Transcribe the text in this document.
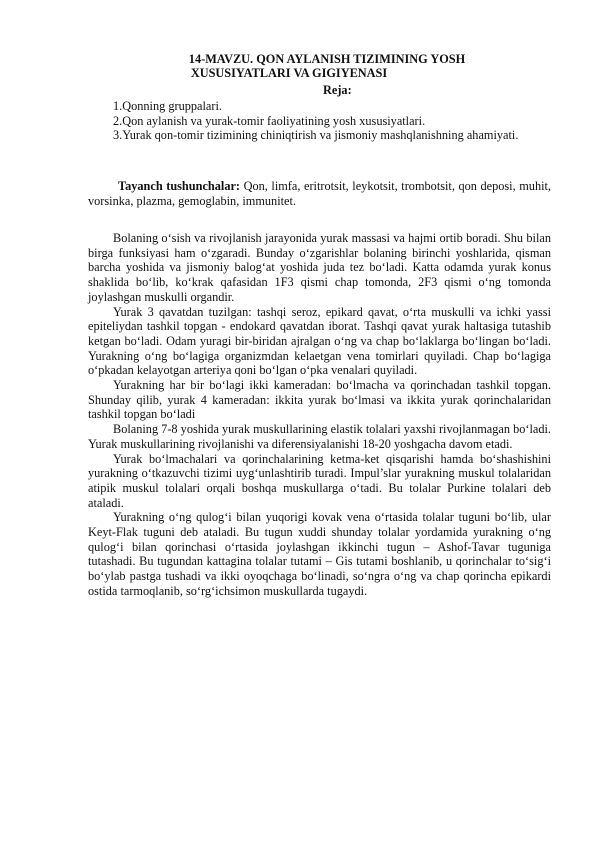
14-MAVZU. QON AYLANISH TIZIMINING YOSH
XUSUSIYATLARI VA GIGIYENASI
Reja:

1.Qonning gruppalari.

2.Qon aylanish va yurak-tomir faoliyatining yosh xususiyatlari.

3.Yurak qon-tomir tizimining chiniqtirish va jismoniy mashqlanishning ahamiyati.

Tayanch tushunchalar: Qon, limfa, eritrotsit, leykotsit, trombotsit, qon deposi, muhit, vorsinka, plazma, gemoglabin, immunitet.

Bolaning o‘sish va rivojlanish jarayonida yurak massasi va hajmi ortib boradi. Shu bilan birga funksiyasi ham o‘zgaradi. Bunday o‘zgarishlar bolaning birinchi yoshlarida, qisman barcha yoshida va jismoniy balog‘at yoshida juda tez bo‘ladi. Katta odamda yurak konus shaklida bo‘lib, ko‘krak qafasidan 1F3 qismi chap tomonda, 2F3 qismi o‘ng tomonda joylashgan muskulli organdir.

Yurak 3 qavatdan tuzilgan: tashqi seroz, epikard qavat, o‘rta muskulli va ichki yassi epiteliydan tashkil topgan - endokard qavatdan iborat. Tashqi qavat yurak haltasiga tutashib ketgan bo‘ladi. Odam yuragi bir-biridan ajralgan o‘ng va chap bo‘laklarga bo‘lingan bo‘ladi. Yurakning o‘ng bo‘lagiga organizmdan kelaetgan vena tomirlari quyiladi. Chap bo‘lagiga o‘pkadan kelayotgan arteriya qoni bo‘lgan o‘pka venalari quyiladi.

Yurakning har bir bo‘lagi ikki kameradan: bo‘lmacha va qorinchadan tashkil topgan. Shunday qilib, yurak 4 kameradan: ikkita yurak bo‘lmasi va ikkita yurak qorinchalaridan tashkil topgan bo‘ladi

Bolaning 7-8 yoshida yurak muskullarining elastik tolalari yaxshi rivojlanmagan bo‘ladi. Yurak muskullarining rivojlanishi va diferensiyalanishi 18-20 yoshgacha davom etadi.

Yurak bo‘lmachalari va qorinchalarining ketma-ket qisqarishi hamda bo‘shashishini yurakning o‘tkazuvchi tizimi uyg‘unlashtirib turadi. Impul’slar yurakning muskul tolalaridan atipik muskul tolalari orqali boshqa muskullarga o‘tadi. Bu tolalar Purkine tolalari deb ataladi.

Yurakning o‘ng qulog‘i bilan yuqorigi kovak vena o‘rtasida tolalar tuguni bo‘lib, ular Keyt-Flak tuguni deb ataladi. Bu tugun xuddi shunday tolalar yordamida yurakning o‘ng qulog‘i bilan qorinchasi o‘rtasida joylashgan ikkinchi tugun – Ashof-Tavar tuguniga tutashadi. Bu tugundan kattagina tolalar tutami – Gis tutami boshlanib, u qorinchalar to‘sig‘i bo‘ylab pastga tushadi va ikki oyoqchaga bo‘linadi, so‘ngra o‘ng va chap qorincha epikardi ostida tarmoqlanib, so‘rg‘ichsimon muskullarda tugaydi.
